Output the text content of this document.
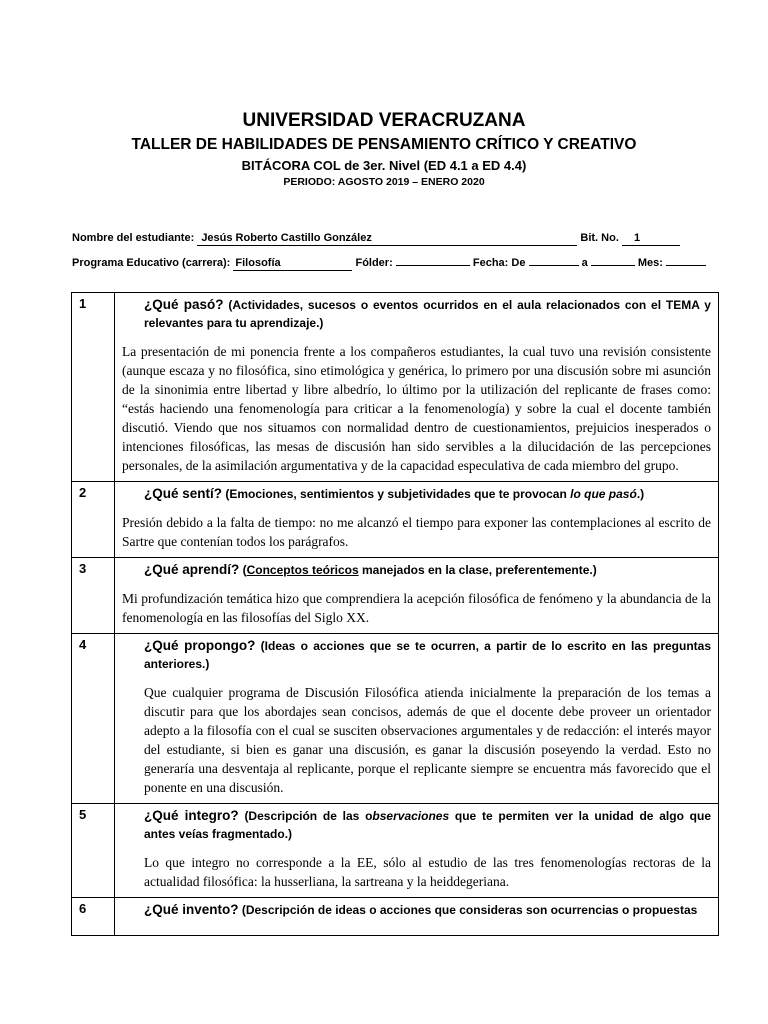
UNIVERSIDAD VERACRUZANA
TALLER DE HABILIDADES DE PENSAMIENTO CRÍTICO Y CREATIVO
BITÁCORA COL de 3er. Nivel (ED 4.1 a ED 4.4)
PERIODO: AGOSTO 2019 – ENERO 2020
Nombre del estudiante: Jesús Roberto Castillo González	Bit. No. 1
Programa Educativo (carrera): Filosofía	Fólder:	Fecha: De	a	Mes:
1	¿Qué pasó? (Actividades, sucesos o eventos ocurridos en el aula relacionados con el TEMA y relevantes para tu aprendizaje.)
La presentación de mi ponencia frente a los compañeros estudiantes, la cual tuvo una revisión consistente (aunque escaza y no filosófica, sino etimológica y genérica, lo primero por una discusión sobre mi asunción de la sinonimia entre libertad y libre albedrío, lo último por la utilización del replicante de frases como: “estás haciendo una fenomenología para criticar a la fenomenología) y sobre la cual el docente también discutió. Viendo que nos situamos con normalidad dentro de cuestionamientos, prejuicios inesperados o intenciones filosóficas, las mesas de discusión han sido servibles a la dilucidación de las percepciones personales, de la asimilación argumentativa y de la capacidad especulativa de cada miembro del grupo.

2	¿Qué sentí? (Emociones, sentimientos y subjetividades que te provocan lo que pasó.)
Presión debido a la falta de tiempo: no me alcanzó el tiempo para exponer las contemplaciones al escrito de Sartre que contenían todos los parágrafos.

3	¿Qué aprendí? (Conceptos teóricos manejados en la clase, preferentemente.)
Mi profundización temática hizo que comprendiera la acepción filosófica de fenómeno y la abundancia de la fenomenología en las filosofías del Siglo XX.

4	¿Qué propongo? (Ideas o acciones que se te ocurren, a partir de lo escrito en las preguntas anteriores.)
Que cualquier programa de Discusión Filosófica atienda inicialmente la preparación de los temas a discutir para que los abordajes sean concisos, además de que el docente debe proveer un orientador adepto a la filosofía con el cual se susciten observaciones argumentales y de redacción: el interés mayor del estudiante, si bien es ganar una discusión, es ganar la discusión poseyendo la verdad. Esto no generaría una desventaja al replicante, porque el replicante siempre se encuentra más favorecido que el ponente en una discusión.

5	¿Qué integro? (Descripción de las observaciones que te permiten ver la unidad de algo que antes veías fragmentado.)
Lo que integro no corresponde a la EE, sólo al estudio de las tres fenomenologías rectoras de la actualidad filosófica: la husserliana, la sartreana y la heiddegeriana.

6	¿Qué invento? (Descripción de ideas o acciones que consideras son ocurrencias o propuestas
